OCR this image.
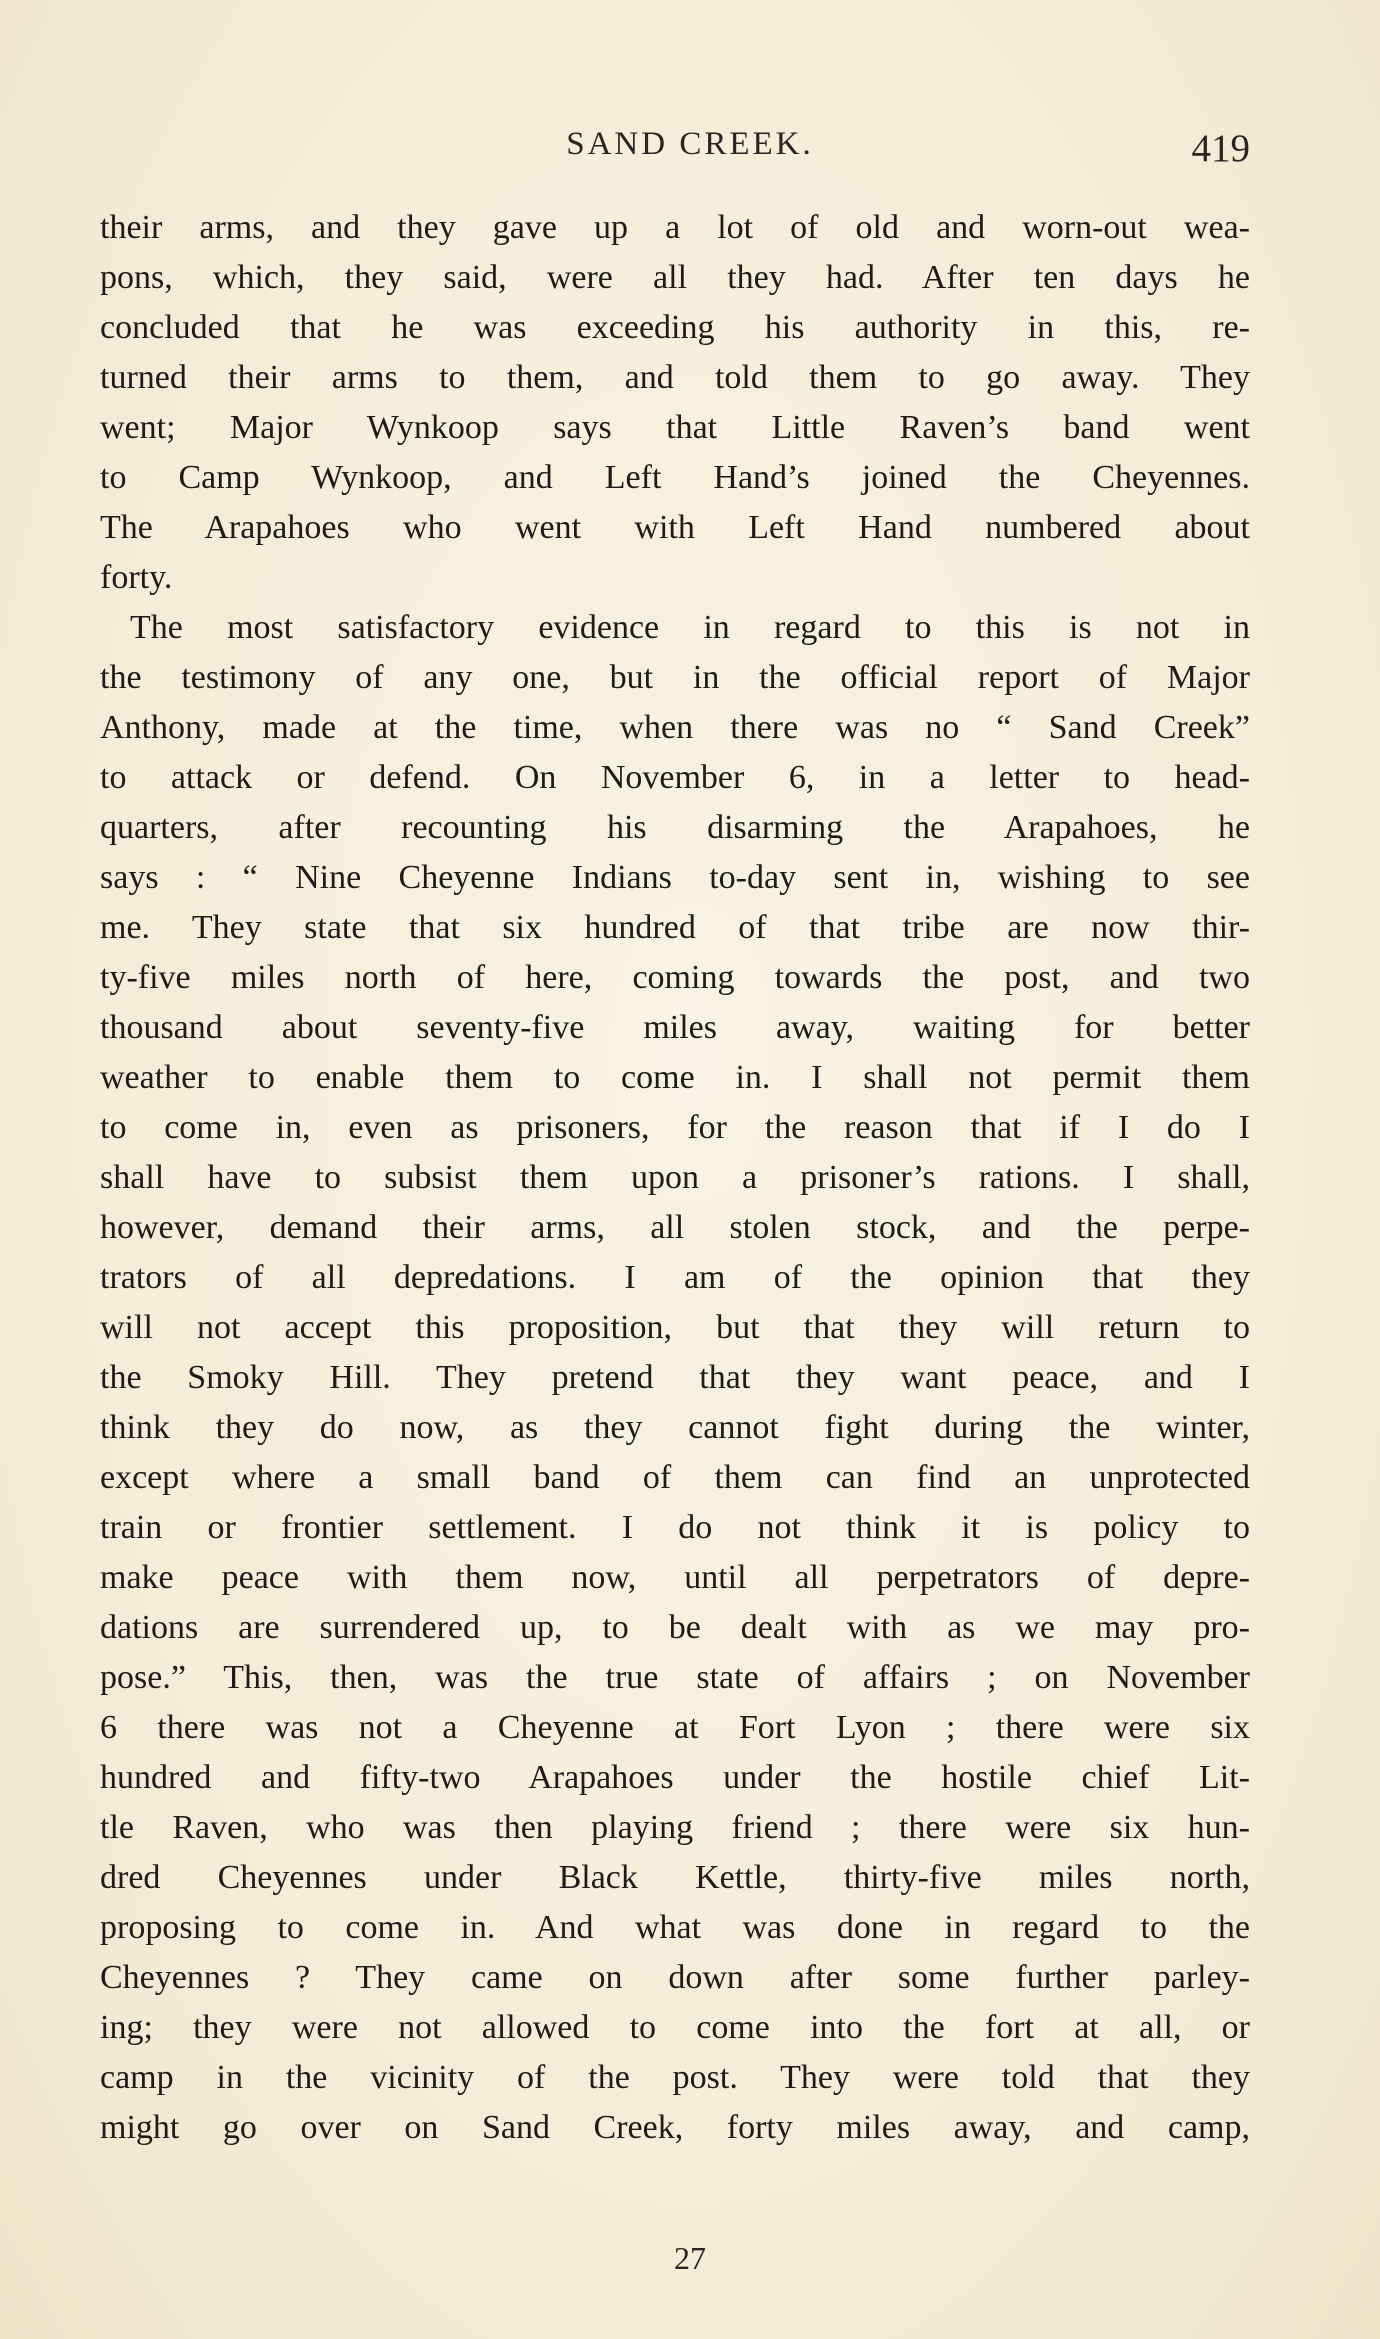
SAND CREEK.	419
their arms, and they gave up a lot of old and worn-out wea-
pons, which, they said, were all they had. After ten days he
concluded that he was exceeding his authority in this, re-
turned their arms to them, and told them to go away. They
went; Major Wynkoop says that Little Raven’s band went
to Camp Wynkoop, and Left Hand’s joined the Cheyennes.
The Arapahoes who went with Left Hand numbered about
forty.
The most satisfactory evidence in regard to this is not in
the testimony of any one, but in the official report of Major
Anthony, made at the time, when there was no “ Sand Creek”
to attack or defend. On November 6, in a letter to head-
quarters, after recounting his disarming the Arapahoes, he
says : “ Nine Cheyenne Indians to-day sent in, wishing to see
me. They state that six hundred of that tribe are now thir-
ty-five miles north of here, coming towards the post, and two
thousand about seventy-five miles away, waiting for better
weather to enable them to come in. I shall not permit them
to come in, even as prisoners, for the reason that if I do I
shall have to subsist them upon a prisoner’s rations. I shall,
however, demand their arms, all stolen stock, and the perpe-
trators of all depredations. I am of the opinion that they
will not accept this proposition, but that they will return to
the Smoky Hill. They pretend that they want peace, and I
think they do now, as they cannot fight during the winter,
except where a small band of them can find an unprotected
train or frontier settlement. I do not think it is policy to
make peace with them now, until all perpetrators of depre-
dations are surrendered up, to be dealt with as we may pro-
pose.” This, then, was the true state of affairs ; on November
6 there was not a Cheyenne at Fort Lyon ; there were six
hundred and fifty-two Arapahoes under the hostile chief Lit-
tle Raven, who was then playing friend ; there were six hun-
dred Cheyennes under Black Kettle, thirty-five miles north,
proposing to come in. And what was done in regard to the
Cheyennes ? They came on down after some further parley-
ing; they were not allowed to come into the fort at all, or
camp in the vicinity of the post. They were told that they
might go over on Sand Creek, forty miles away, and camp,
27
